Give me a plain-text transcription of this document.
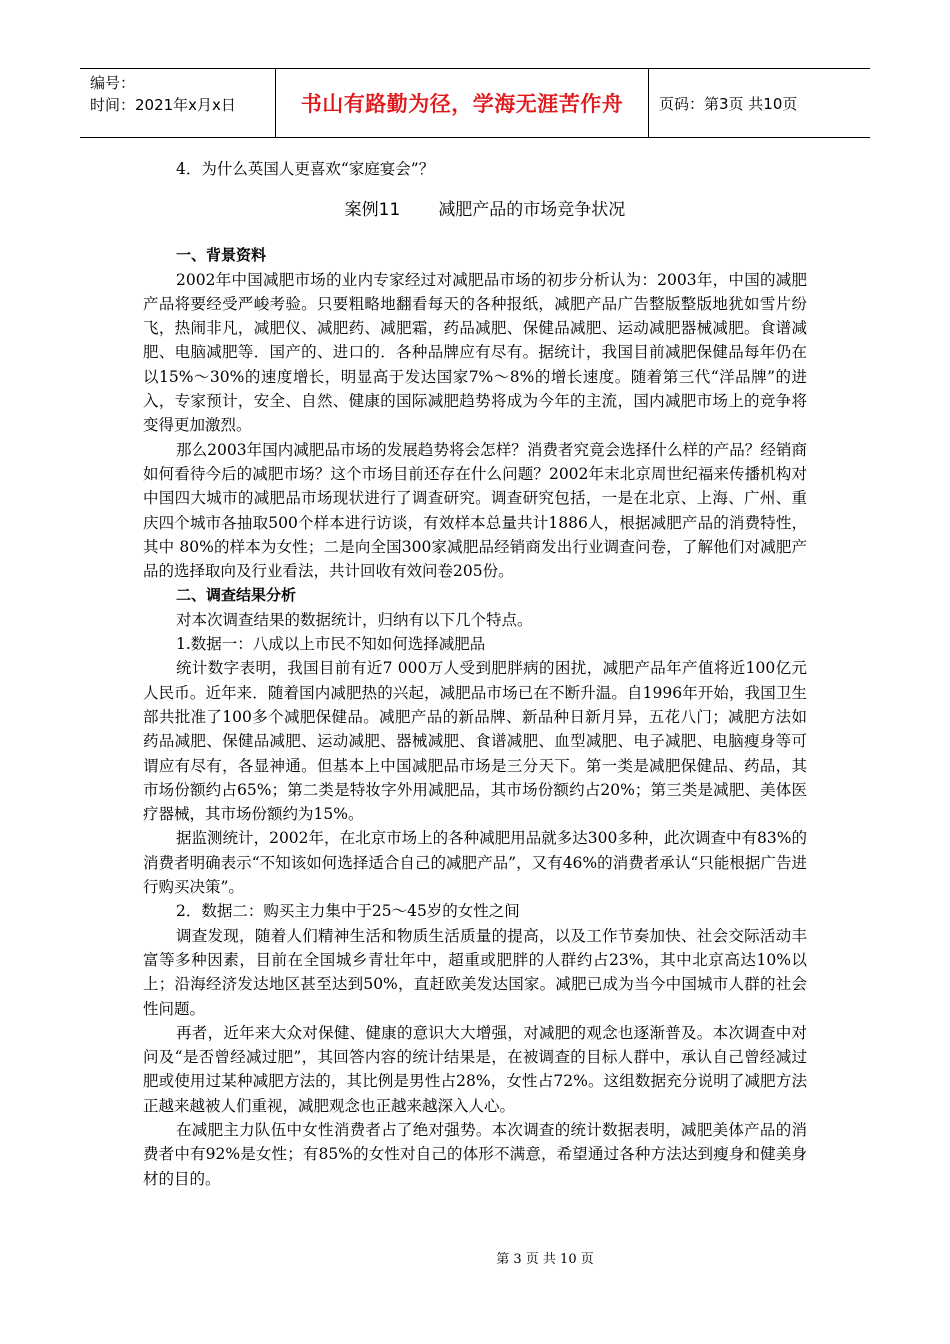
编号：
时间：2021年x月x日	书山有路勤为径，学海无涯苦作舟	页码：第3页 共10页

4．为什么英国人更喜欢“家庭宴会”？

案例11 减肥产品的市场竞争状况

一、背景资料

2002年中国减肥市场的业内专家经过对减肥品市场的初步分析认为：2003年，中国的减肥产品将要经受严峻考验。只要粗略地翻看每天的各种报纸，减肥产品广告整版整版地犹如雪片纷飞，热闹非凡，减肥仪、减肥药、减肥霜，药品减肥、保健品减肥、运动减肥器械减肥。食谱减肥、电脑减肥等．国产的、进口的．各种品牌应有尽有。据统计，我国目前减肥保健品每年仍在以15%～30%的速度增长，明显高于发达国家7%～8%的增长速度。随着第三代“洋品牌”的进入，专家预计，安全、自然、健康的国际减肥趋势将成为今年的主流，国内减肥市场上的竞争将变得更加激烈。

那么2003年国内减肥品市场的发展趋势将会怎样？消费者究竟会选择什么样的产品？经销商如何看待今后的减肥市场？这个市场目前还存在什么问题？2002年末北京周世纪福来传播机构对中国四大城市的减肥品市场现状进行了调查研究。调查研究包括，一是在北京、上海、广州、重庆四个城市各抽取500个样本进行访谈，有效样本总量共计1886人，根据减肥产品的消费特性，其中 80%的样本为女性；二是向全国300家减肥品经销商发出行业调查问卷，了解他们对减肥产品的选择取向及行业看法，共计回收有效问卷205份。

二、调查结果分析

对本次调查结果的数据统计，归纳有以下几个特点。

1.数据一：八成以上市民不知如何选择减肥品

统计数字表明，我国目前有近7 000万人受到肥胖病的困扰，减肥产品年产值将近100亿元人民币。近年来．随着国内减肥热的兴起，减肥品市场已在不断升温。自1996年开始，我国卫生部共批准了100多个减肥保健品。减肥产品的新品牌、新品种日新月异，五花八门；减肥方法如药品减肥、保健品减肥、运动减肥、器械减肥、食谱减肥、血型减肥、电子减肥、电脑瘦身等可谓应有尽有，各显神通。但基本上中国减肥品市场是三分天下。第一类是减肥保健品、药品，其市场份额约占65%；第二类是特妆字外用减肥品，其市场份额约占20%；第三类是减肥、美体医疗器械，其市场份额约为15%。

据监测统计，2002年，在北京市场上的各种减肥用品就多达300多种，此次调查中有83%的消费者明确表示“不知该如何选择适合自己的减肥产品”，又有46%的消费者承认“只能根据广告进行购买决策”。

2．数据二：购买主力集中于25～45岁的女性之间

调查发现，随着人们精神生活和物质生活质量的提高，以及工作节奏加快、社会交际活动丰富等多种因素，目前在全国城乡青壮年中，超重或肥胖的人群约占23%，其中北京高达10%以上；沿海经济发达地区甚至达到50%，直赶欧美发达国家。减肥已成为当今中国城市人群的社会性问题。

再者，近年来大众对保健、健康的意识大大增强，对减肥的观念也逐渐普及。本次调查中对问及“是否曾经减过肥”，其回答内容的统计结果是，在被调查的目标人群中，承认自己曾经减过肥或使用过某种减肥方法的，其比例是男性占28%，女性占72%。这组数据充分说明了减肥方法正越来越被人们重视，减肥观念也正越来越深入人心。

在减肥主力队伍中女性消费者占了绝对强势。本次调查的统计数据表明，减肥美体产品的消费者中有92%是女性；有85%的女性对自己的体形不满意，希望通过各种方法达到瘦身和健美身材的目的。

第 3 页 共 10 页
